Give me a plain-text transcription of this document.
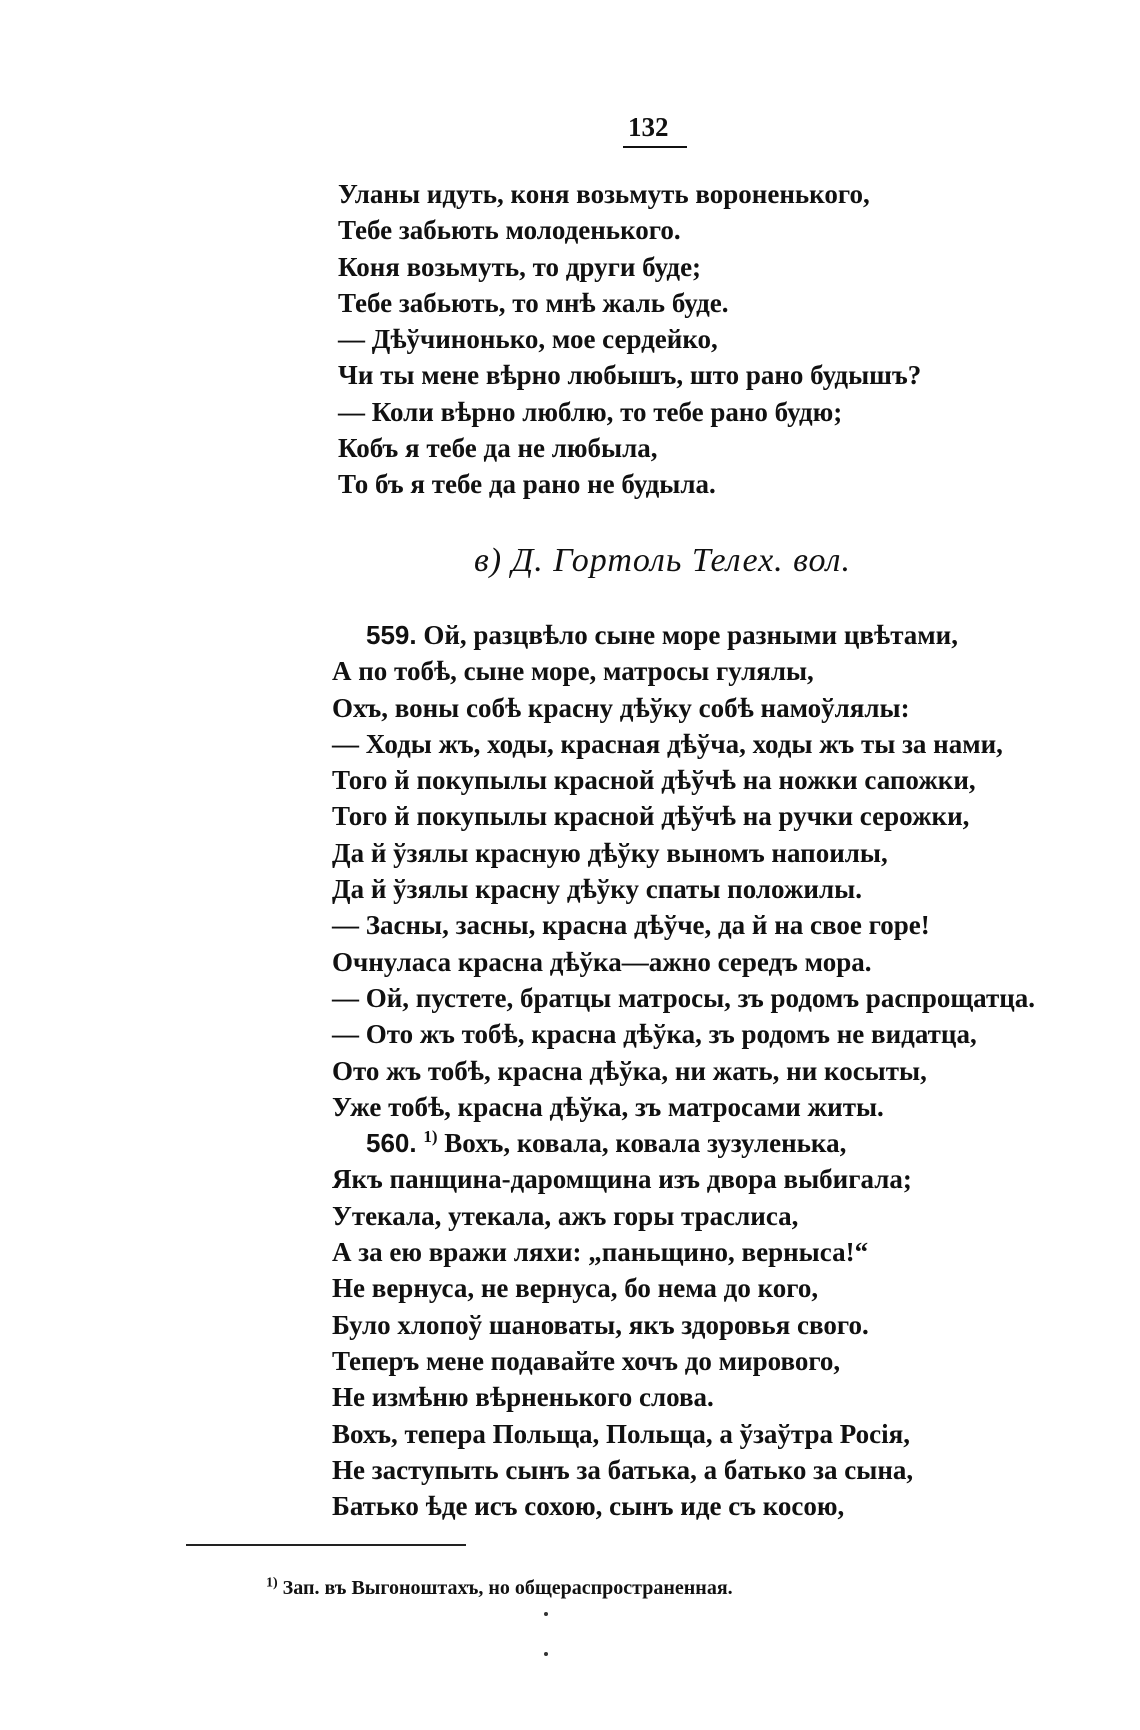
132
Уланы идуть, коня возьмуть вороненького,
Тебе забьють молоденького.
Коня возьмуть, то други буде;
Тебе забьють, то мнѣ жаль буде.
— Дѣўчинонько, мое сердейко,
Чи ты мене вѣрно любышъ, што рано будышъ?
— Коли вѣрно люблю, то тебе рано будю;
Кобъ я тебе да не любыла,
То бъ я тебе да рано не будыла.
в) Д. Гортоль Телех. вол.
559. Ой, разцвѣло сыне море разными цвѣтами,
А по тобѣ, сыне море, матросы гулялы,
Охъ, воны собѣ красну дѣўку собѣ намоўлялы:
— Ходы жъ, ходы, красная дѣўча, ходы жъ ты за нами,
Того й покупылы красной дѣўчѣ на ножки сапожки,
Того й покупылы красной дѣўчѣ на ручки серожки,
Да й ўзялы красную дѣўку выномъ напоилы,
Да й ўзялы красну дѣўку спаты положилы.
— Засны, засны, красна дѣўче, да й на свое горе!
Очнуласа красна дѣўка—ажно середъ мора.
— Ой, пустете, братцы матросы, зъ родомъ распрощатца.
— Ото жъ тобѣ, красна дѣўка, зъ родомъ не видатца,
Ото жъ тобѣ, красна дѣўка, ни жать, ни косыты,
Уже тобѣ, красна дѣўка, зъ матросами житы.
560. $^{1)}$ Вохъ, ковала, ковала зузуленька,
Якъ панщина-даромщина изъ двора выбигала;
Утекала, утекала, ажъ горы траслиса,
А за ею вражи ляхи: „паньщино, верныса!“
Не вернуса, не вернуса, бо нема до кого,
Було хлопоў шановаты, якъ здоровья свого.
Теперъ мене подавайте хочъ до мирового,
Не измѣню вѣрненького слова.
Вохъ, тепера Польща, Польща, а ўзаўтра Росія,
Не заступыть сынъ за батька, а батько за сына,
Батько ѣде исъ сохою, сынъ иде съ косою,
$^{1)}$ Зап. въ Выгоноштахъ, но общераспространенная.
